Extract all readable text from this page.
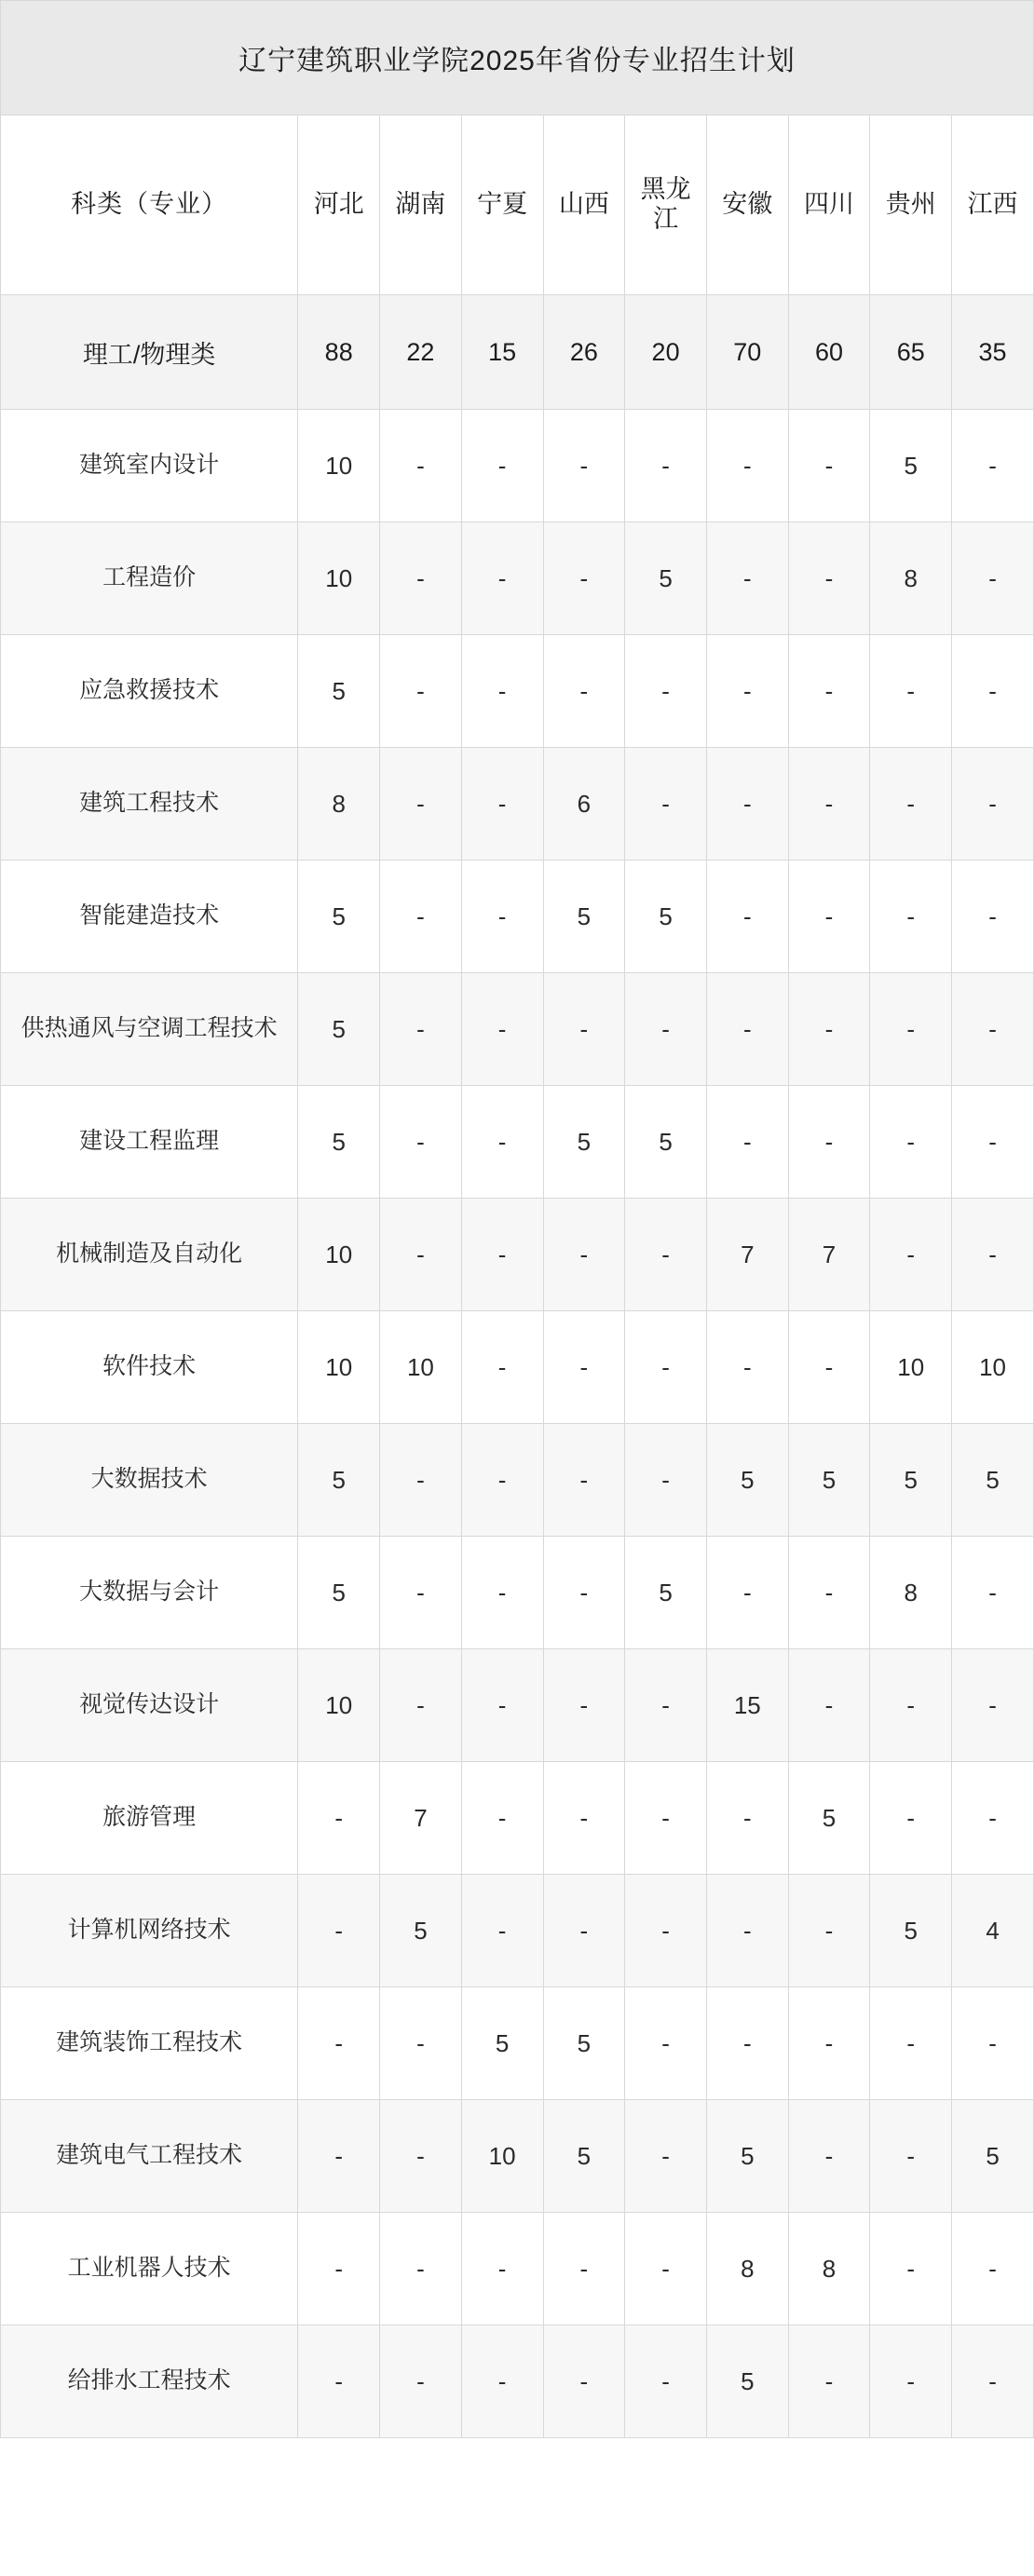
辽宁建筑职业学院2025年省份专业招生计划									
科类（专业）	河北	湖南	宁夏	山西	黑龙江	安徽	四川	贵州	江西
理工/物理类	88	22	15	26	20	70	60	65	35
建筑室内设计	10	-	-	-	-	-	-	5	-
工程造价	10	-	-	-	5	-	-	8	-
应急救援技术	5	-	-	-	-	-	-	-	-
建筑工程技术	8	-	-	6	-	-	-	-	-
智能建造技术	5	-	-	5	5	-	-	-	-
供热通风与空调工程技术	5	-	-	-	-	-	-	-	-
建设工程监理	5	-	-	5	5	-	-	-	-
机械制造及自动化	10	-	-	-	-	7	7	-	-
软件技术	10	10	-	-	-	-	-	10	10
大数据技术	5	-	-	-	-	5	5	5	5
大数据与会计	5	-	-	-	5	-	-	8	-
视觉传达设计	10	-	-	-	-	15	-	-	-
旅游管理	-	7	-	-	-	-	5	-	-
计算机网络技术	-	5	-	-	-	-	-	5	4
建筑装饰工程技术	-	-	5	5	-	-	-	-	-
建筑电气工程技术	-	-	10	5	-	5	-	-	5
工业机器人技术	-	-	-	-	-	8	8	-	-
给排水工程技术	-	-	-	-	-	5	-	-	-
